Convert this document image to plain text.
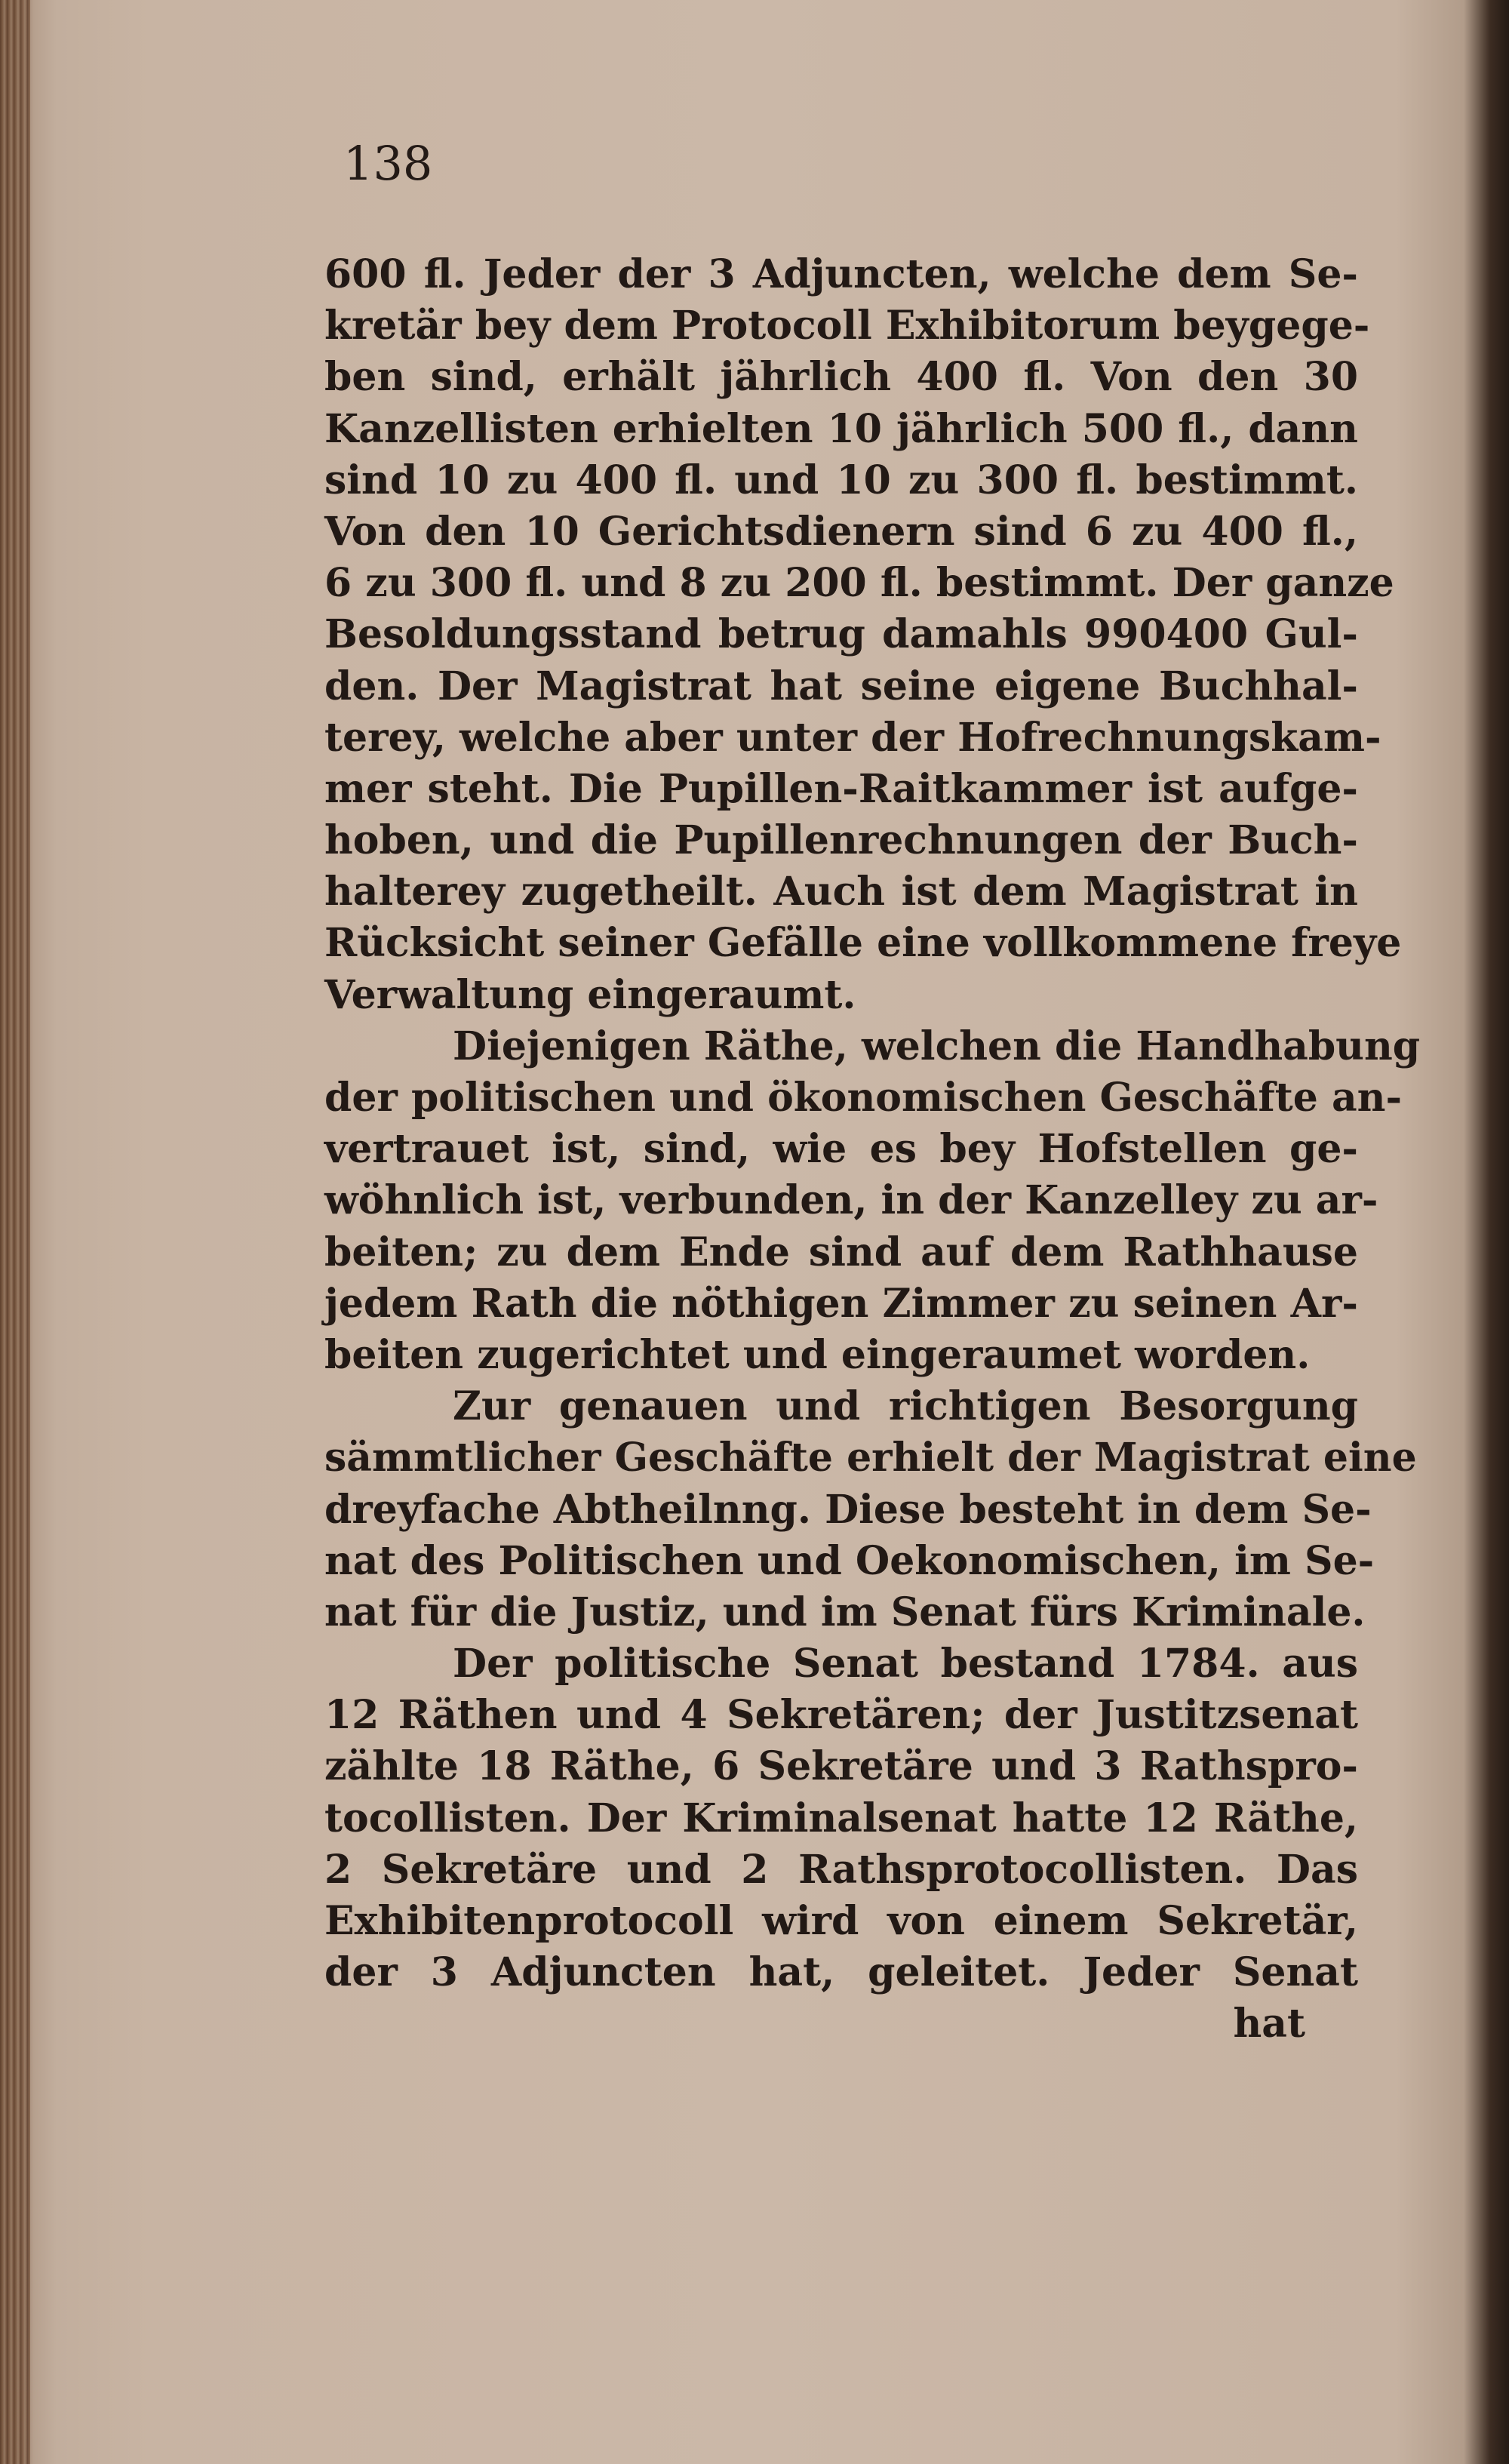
138
600 fl. Jeder der 3 Adjuncten, welche dem Se-
kretär bey dem Protocoll Exhibitorum beygege-
ben sind, erhält jährlich 400 fl. Von den 30
Kanzellisten erhielten 10 jährlich 500 fl., dann
sind 10 zu 400 fl. und 10 zu 300 fl. bestimmt.
Von den 10 Gerichtsdienern sind 6 zu 400 fl.,
6 zu 300 fl. und 8 zu 200 fl. bestimmt. Der ganze
Besoldungsstand betrug damahls 990400 Gul-
den. Der Magistrat hat seine eigene Buchhal-
terey, welche aber unter der Hofrechnungskam-
mer steht. Die Pupillen-Raitkammer ist aufge-
hoben, und die Pupillenrechnungen der Buch-
halterey zugetheilt. Auch ist dem Magistrat in
Rücksicht seiner Gefälle eine vollkommene freye
Verwaltung eingeraumt.
Diejenigen Räthe, welchen die Handhabung
der politischen und ökonomischen Geschäfte an-
vertrauet ist, sind, wie es bey Hofstellen ge-
wöhnlich ist, verbunden, in der Kanzelley zu ar-
beiten; zu dem Ende sind auf dem Rathhause
jedem Rath die nöthigen Zimmer zu seinen Ar-
beiten zugerichtet und eingeraumet worden.
Zur genauen und richtigen Besorgung
sämmtlicher Geschäfte erhielt der Magistrat eine
dreyfache Abtheilnng. Diese besteht in dem Se-
nat des Politischen und Oekonomischen, im Se-
nat für die Justiz, und im Senat fürs Kriminale.
Der politische Senat bestand 1784. aus
12 Räthen und 4 Sekretären; der Justitzsenat
zählte 18 Räthe, 6 Sekretäre und 3 Rathspro-
tocollisten. Der Kriminalsenat hatte 12 Räthe,
2 Sekretäre und 2 Rathsprotocollisten. Das
Exhibitenprotocoll wird von einem Sekretär,
der 3 Adjuncten hat, geleitet. Jeder Senat
hat
